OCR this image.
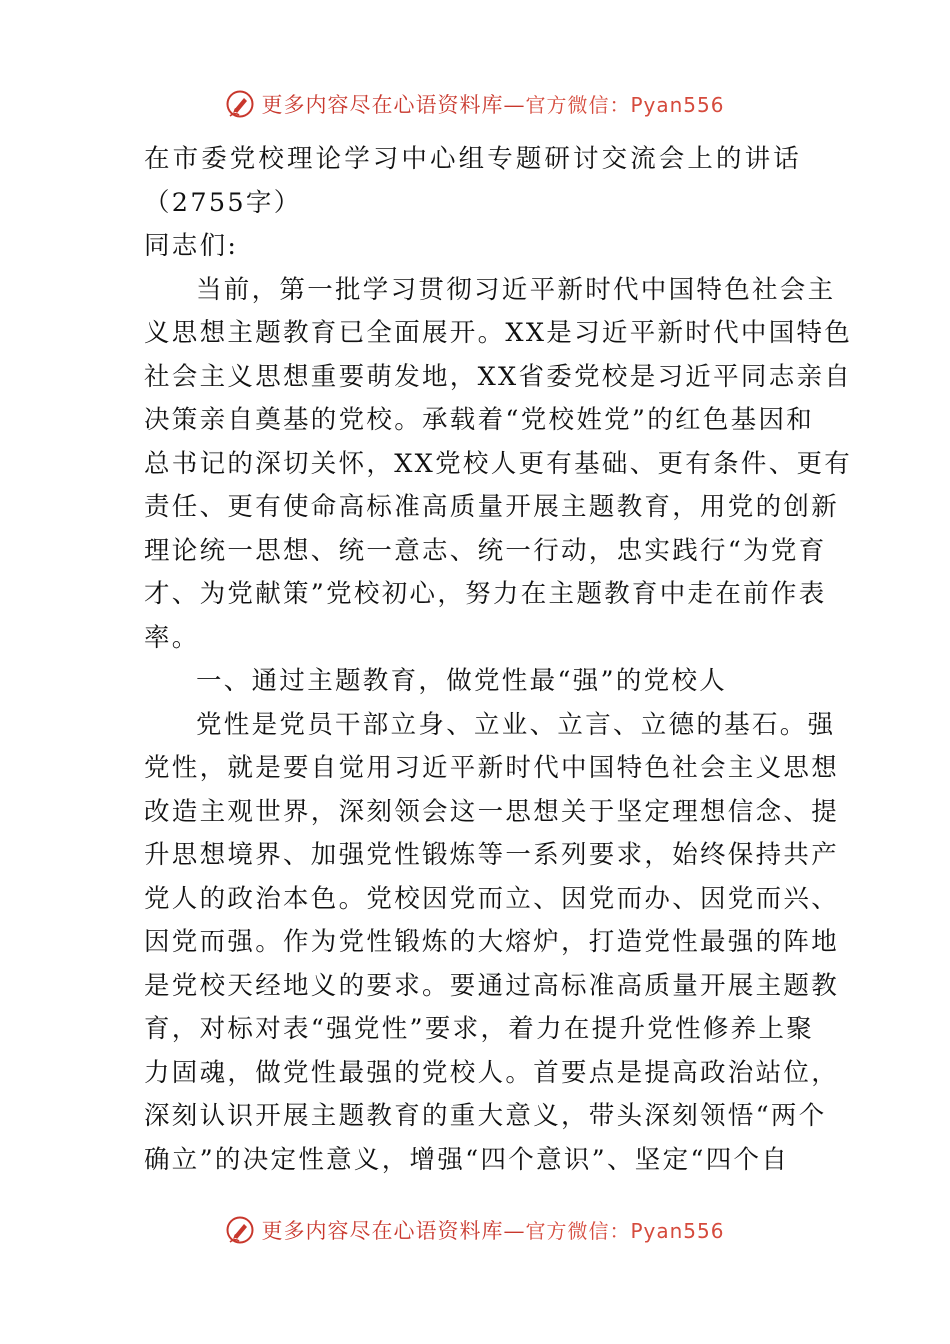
更多内容尽在心语资料库—官方微信：Pyan556
在市委党校理论学习中心组专题研讨交流会上的讲话
（2755字）
同志们:
当前，第一批学习贯彻习近平新时代中国特色社会主
义思想主题教育已全面展开。XX是习近平新时代中国特色
社会主义思想重要萌发地，XX省委党校是习近平同志亲自
决策亲自奠基的党校。承载着“党校姓党”的红色基因和
总书记的深切关怀，XX党校人更有基础、更有条件、更有
责任、更有使命高标准高质量开展主题教育，用党的创新
理论统一思想、统一意志、统一行动，忠实践行“为党育
才、为党献策”党校初心，努力在主题教育中走在前作表
率。
一、通过主题教育，做党性最“强”的党校人
党性是党员干部立身、立业、立言、立德的基石。强
党性，就是要自觉用习近平新时代中国特色社会主义思想
改造主观世界，深刻领会这一思想关于坚定理想信念、提
升思想境界、加强党性锻炼等一系列要求，始终保持共产
党人的政治本色。党校因党而立、因党而办、因党而兴、
因党而强。作为党性锻炼的大熔炉，打造党性最强的阵地
是党校天经地义的要求。要通过高标准高质量开展主题教
育，对标对表“强党性”要求，着力在提升党性修养上聚
力固魂，做党性最强的党校人。首要点是提高政治站位，
深刻认识开展主题教育的重大意义，带头深刻领悟“两个
确立”的决定性意义，增强“四个意识”、坚定“四个自
更多内容尽在心语资料库—官方微信：Pyan556
